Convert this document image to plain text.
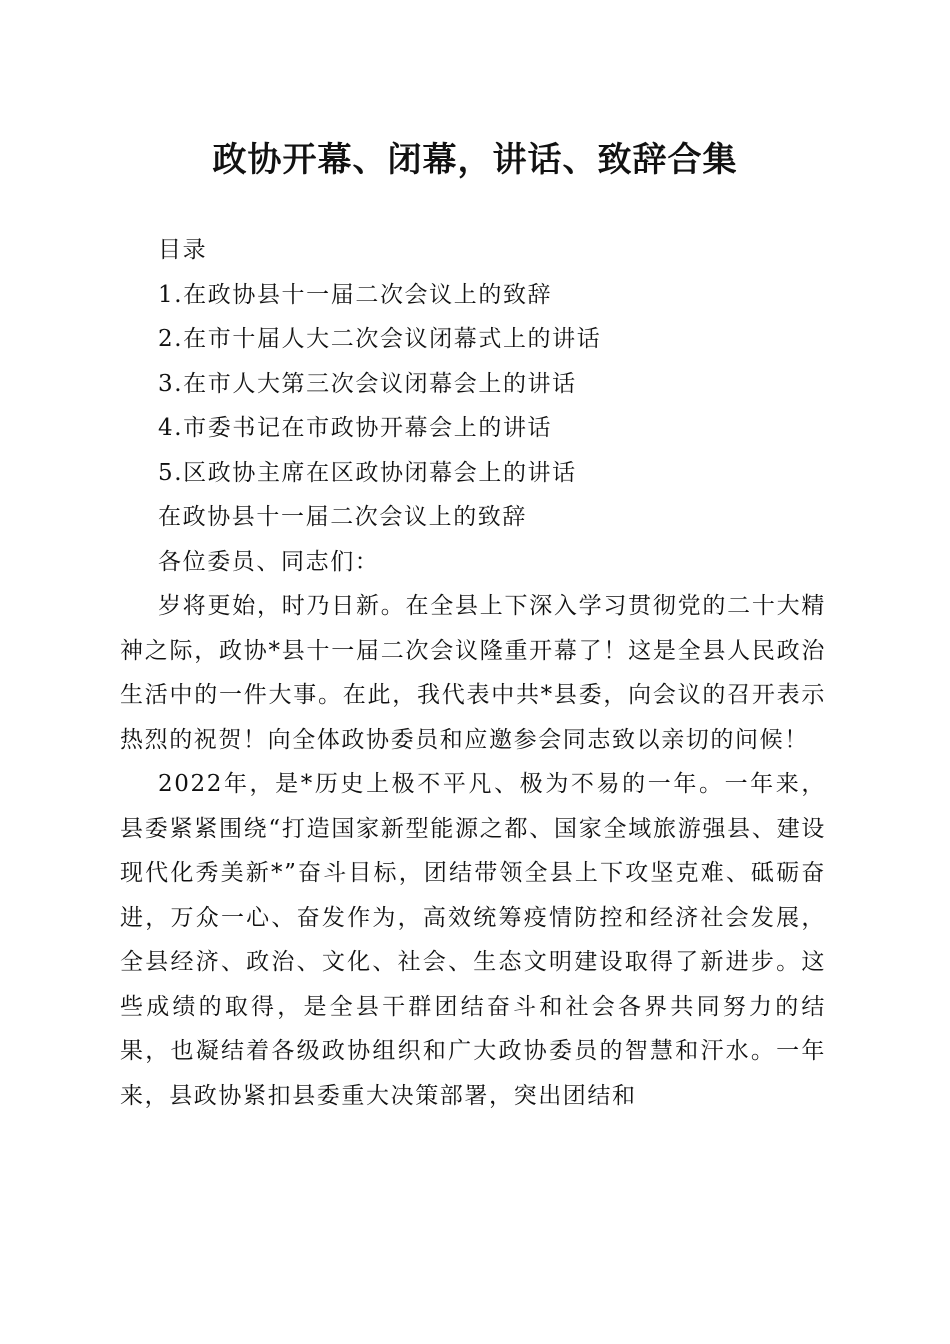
政协开幕、闭幕，讲话、致辞合集

目录

1.在政协县十一届二次会议上的致辞

2.在市十届人大二次会议闭幕式上的讲话

3.在市人大第三次会议闭幕会上的讲话

4.市委书记在市政协开幕会上的讲话

5.区政协主席在区政协闭幕会上的讲话

在政协县十一届二次会议上的致辞

各位委员、同志们：

岁将更始，时乃日新。在全县上下深入学习贯彻党的二十大精神之际，政协*县十一届二次会议隆重开幕了！这是全县人民政治生活中的一件大事。在此，我代表中共*县委，向会议的召开表示热烈的祝贺！向全体政协委员和应邀参会同志致以亲切的问候！

2022年，是*历史上极不平凡、极为不易的一年。一年来，县委紧紧围绕“打造国家新型能源之都、国家全域旅游强县、建设现代化秀美新*”奋斗目标，团结带领全县上下攻坚克难、砥砺奋进，万众一心、奋发作为，高效统筹疫情防控和经济社会发展，全县经济、政治、文化、社会、生态文明建设取得了新进步。这些成绩的取得，是全县干群团结奋斗和社会各界共同努力的结果，也凝结着各级政协组织和广大政协委员的智慧和汗水。一年来，县政协紧扣县委重大决策部署，突出团结和
